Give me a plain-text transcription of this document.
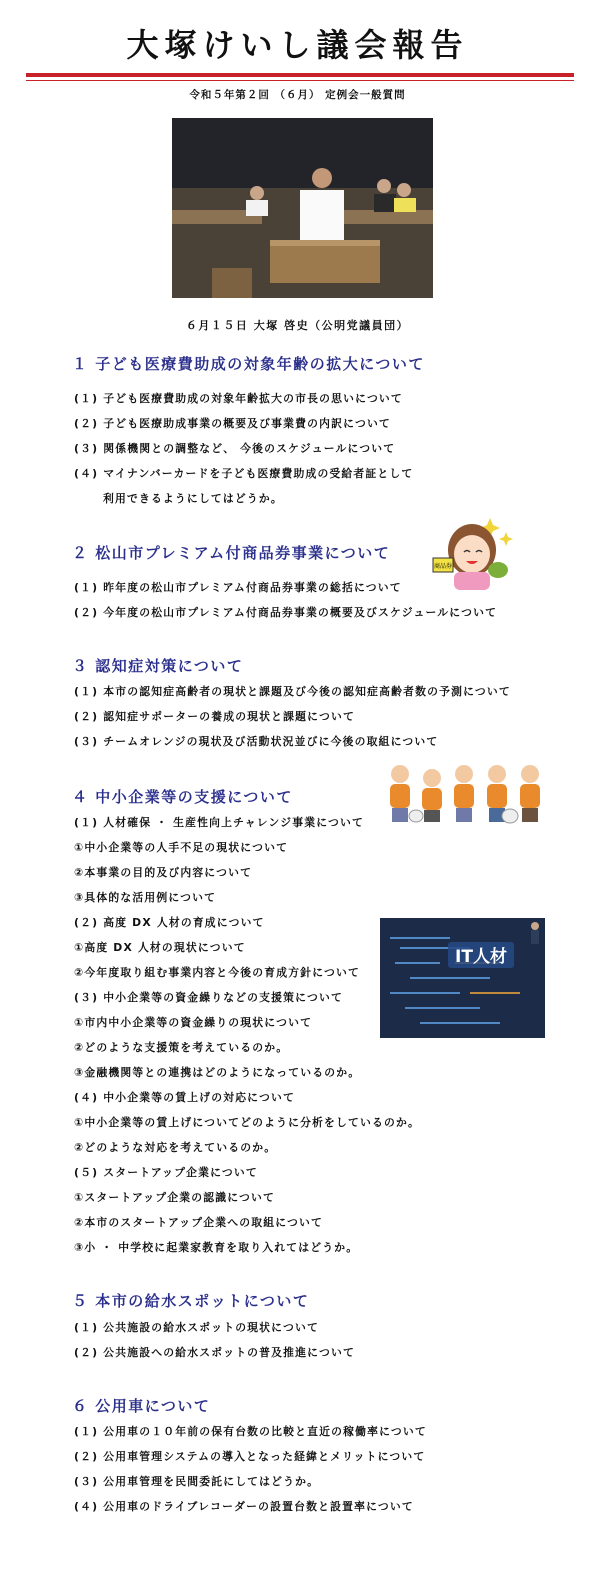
大塚けいし議会報告
令和５年第２回 （６月） 定例会一般質問
６月１５日 大塚 啓史（公明党議員団）
１ 子ども医療費助成の対象年齢の拡大について
(１) 子ども医療費助成の対象年齢拡大の市長の思いについて
(２) 子ども医療助成事業の概要及び事業費の内訳について
(３) 関係機関との調整など、 今後のスケジュールについて
(４) マイナンバーカードを子ども医療費助成の受給者証として
　　 利用できるようにしてはどうか。
商品券
２ 松山市プレミアム付商品券事業について
(１) 昨年度の松山市プレミアム付商品券事業の総括について
(２) 今年度の松山市プレミアム付商品券事業の概要及びスケジュールについて
３ 認知症対策について
(１) 本市の認知症高齢者の現状と課題及び今後の認知症高齢者数の予測について
(２) 認知症サポーターの養成の現状と課題について
(３) チームオレンジの現状及び活動状況並びに今後の取組について
４ 中小企業等の支援について
(１) 人材確保 ・ 生産性向上チャレンジ事業について
①中小企業等の人手不足の現状について
②本事業の目的及び内容について
③具体的な活用例について
(２) 高度 DX 人材の育成について
①高度 DX 人材の現状について
②今年度取り組む事業内容と今後の育成方針について
(３) 中小企業等の資金繰りなどの支援策について
①市内中小企業等の資金繰りの現状について
②どのような支援策を考えているのか。
③金融機関等との連携はどのようになっているのか。
(４) 中小企業等の賃上げの対応について
①中小企業等の賃上げについてどのように分析をしているのか。
②どのような対応を考えているのか。
(５) スタートアップ企業について
①スタートアップ企業の認識について
②本市のスタートアップ企業への取組について
③小 ・ 中学校に起業家教育を取り入れてはどうか。
IT人材
５ 本市の給水スポットについて
(１) 公共施設の給水スポットの現状について
(２) 公共施設への給水スポットの普及推進について
６ 公用車について
(１) 公用車の１０年前の保有台数の比較と直近の稼働率について
(２) 公用車管理システムの導入となった経緯とメリットについて
(３) 公用車管理を民間委託にしてはどうか。
(４) 公用車のドライブレコーダーの設置台数と設置率について
